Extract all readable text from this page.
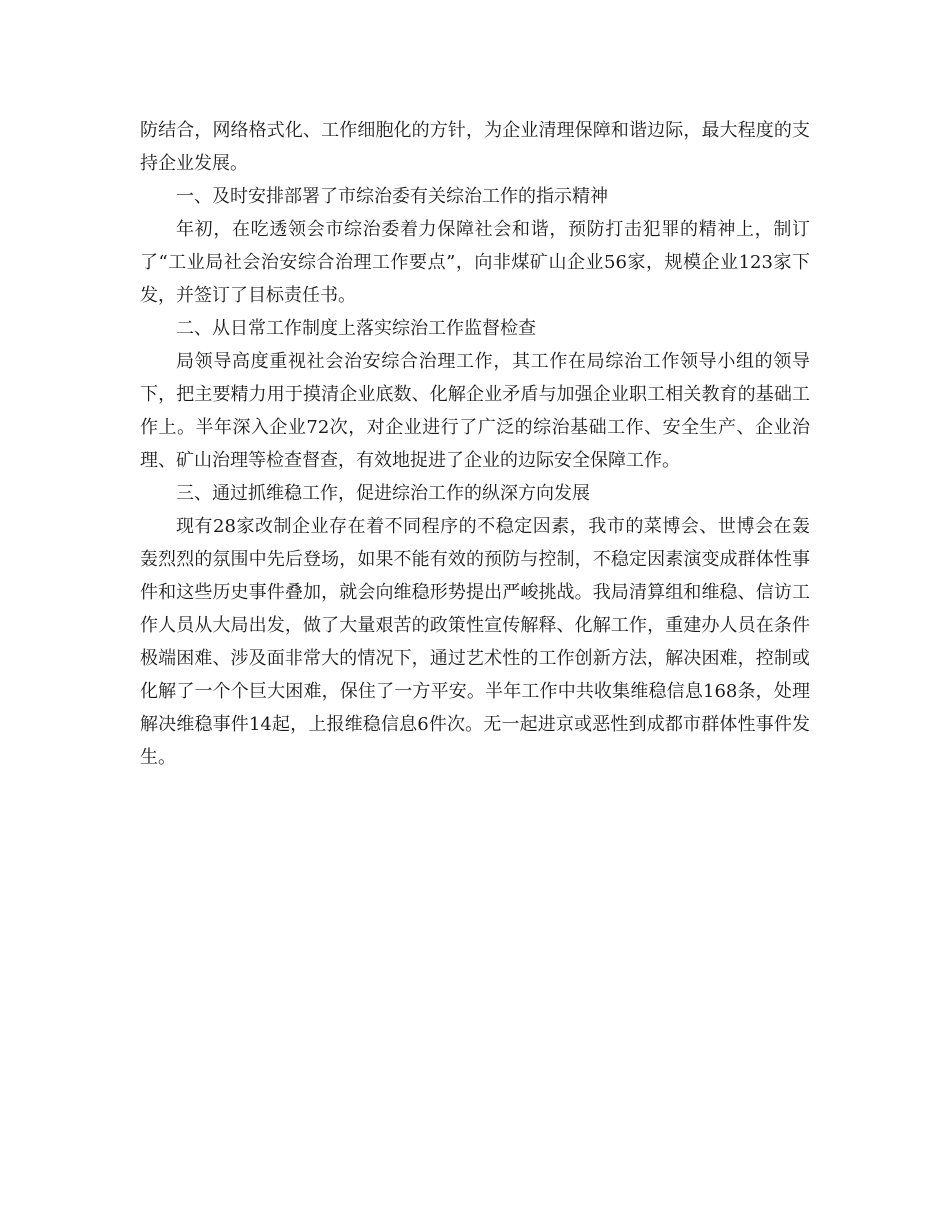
防结合，网络格式化、工作细胞化的方针，为企业清理保障和谐边际，最大程度的支持企业发展。

一、及时安排部署了市综治委有关综治工作的指示精神

年初，在吃透领会市综治委着力保障社会和谐，预防打击犯罪的精神上，制订了“工业局社会治安综合治理工作要点”，向非煤矿山企业56家，规模企业123家下发，并签订了目标责任书。

二、从日常工作制度上落实综治工作监督检查

局领导高度重视社会治安综合治理工作，其工作在局综治工作领导小组的领导下，把主要精力用于摸清企业底数、化解企业矛盾与加强企业职工相关教育的基础工作上。半年深入企业72次，对企业进行了广泛的综治基础工作、安全生产、企业治理、矿山治理等检查督查，有效地捉进了企业的边际安全保障工作。

三、通过抓维稳工作，促进综治工作的纵深方向发展

现有28家改制企业存在着不同程序的不稳定因素，我市的菜博会、世博会在轰轰烈烈的氛围中先后登场，如果不能有效的预防与控制，不稳定因素演变成群体性事件和这些历史事件叠加，就会向维稳形势提出严峻挑战。我局清算组和维稳、信访工作人员从大局出发，做了大量艰苦的政策性宣传解释、化解工作，重建办人员在条件极端困难、涉及面非常大的情况下，通过艺术性的工作创新方法，解决困难，控制或化解了一个个巨大困难，保住了一方平安。半年工作中共收集维稳信息168条，处理解决维稳事件14起，上报维稳信息6件次。无一起进京或恶性到成都市群体性事件发生。
